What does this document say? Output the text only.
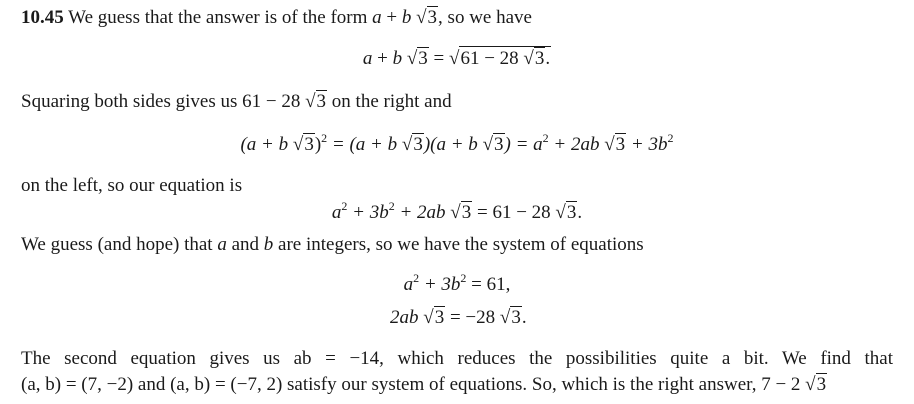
10.45 We guess that the answer is of the form a + b √3, so we have
a + b √3 = √61 − 28 √3.
Squaring both sides gives us 61 − 28 √3 on the right and
(a + b √3)$^2$ = (a + b √3)(a + b $√3) = a^2 + 2ab$ $√3 + 3b^2$
on the left, so our equation is
$a^2 + 3b^2 + 2ab$ √3 = 61 − 28 √3.
We guess (and hope) that a and b are integers, so we have the system of equations
$a^2 + 3b^2 = 61$,
2ab √3 = −28 √3.
The second equation gives us ab = −14, which reduces the possibilities quite a bit. We find that
(a, b) = (7, −2) and (a, b) = (−7, 2) satisfy our system of equations. So, which is the right answer, 7 − 2 √3
